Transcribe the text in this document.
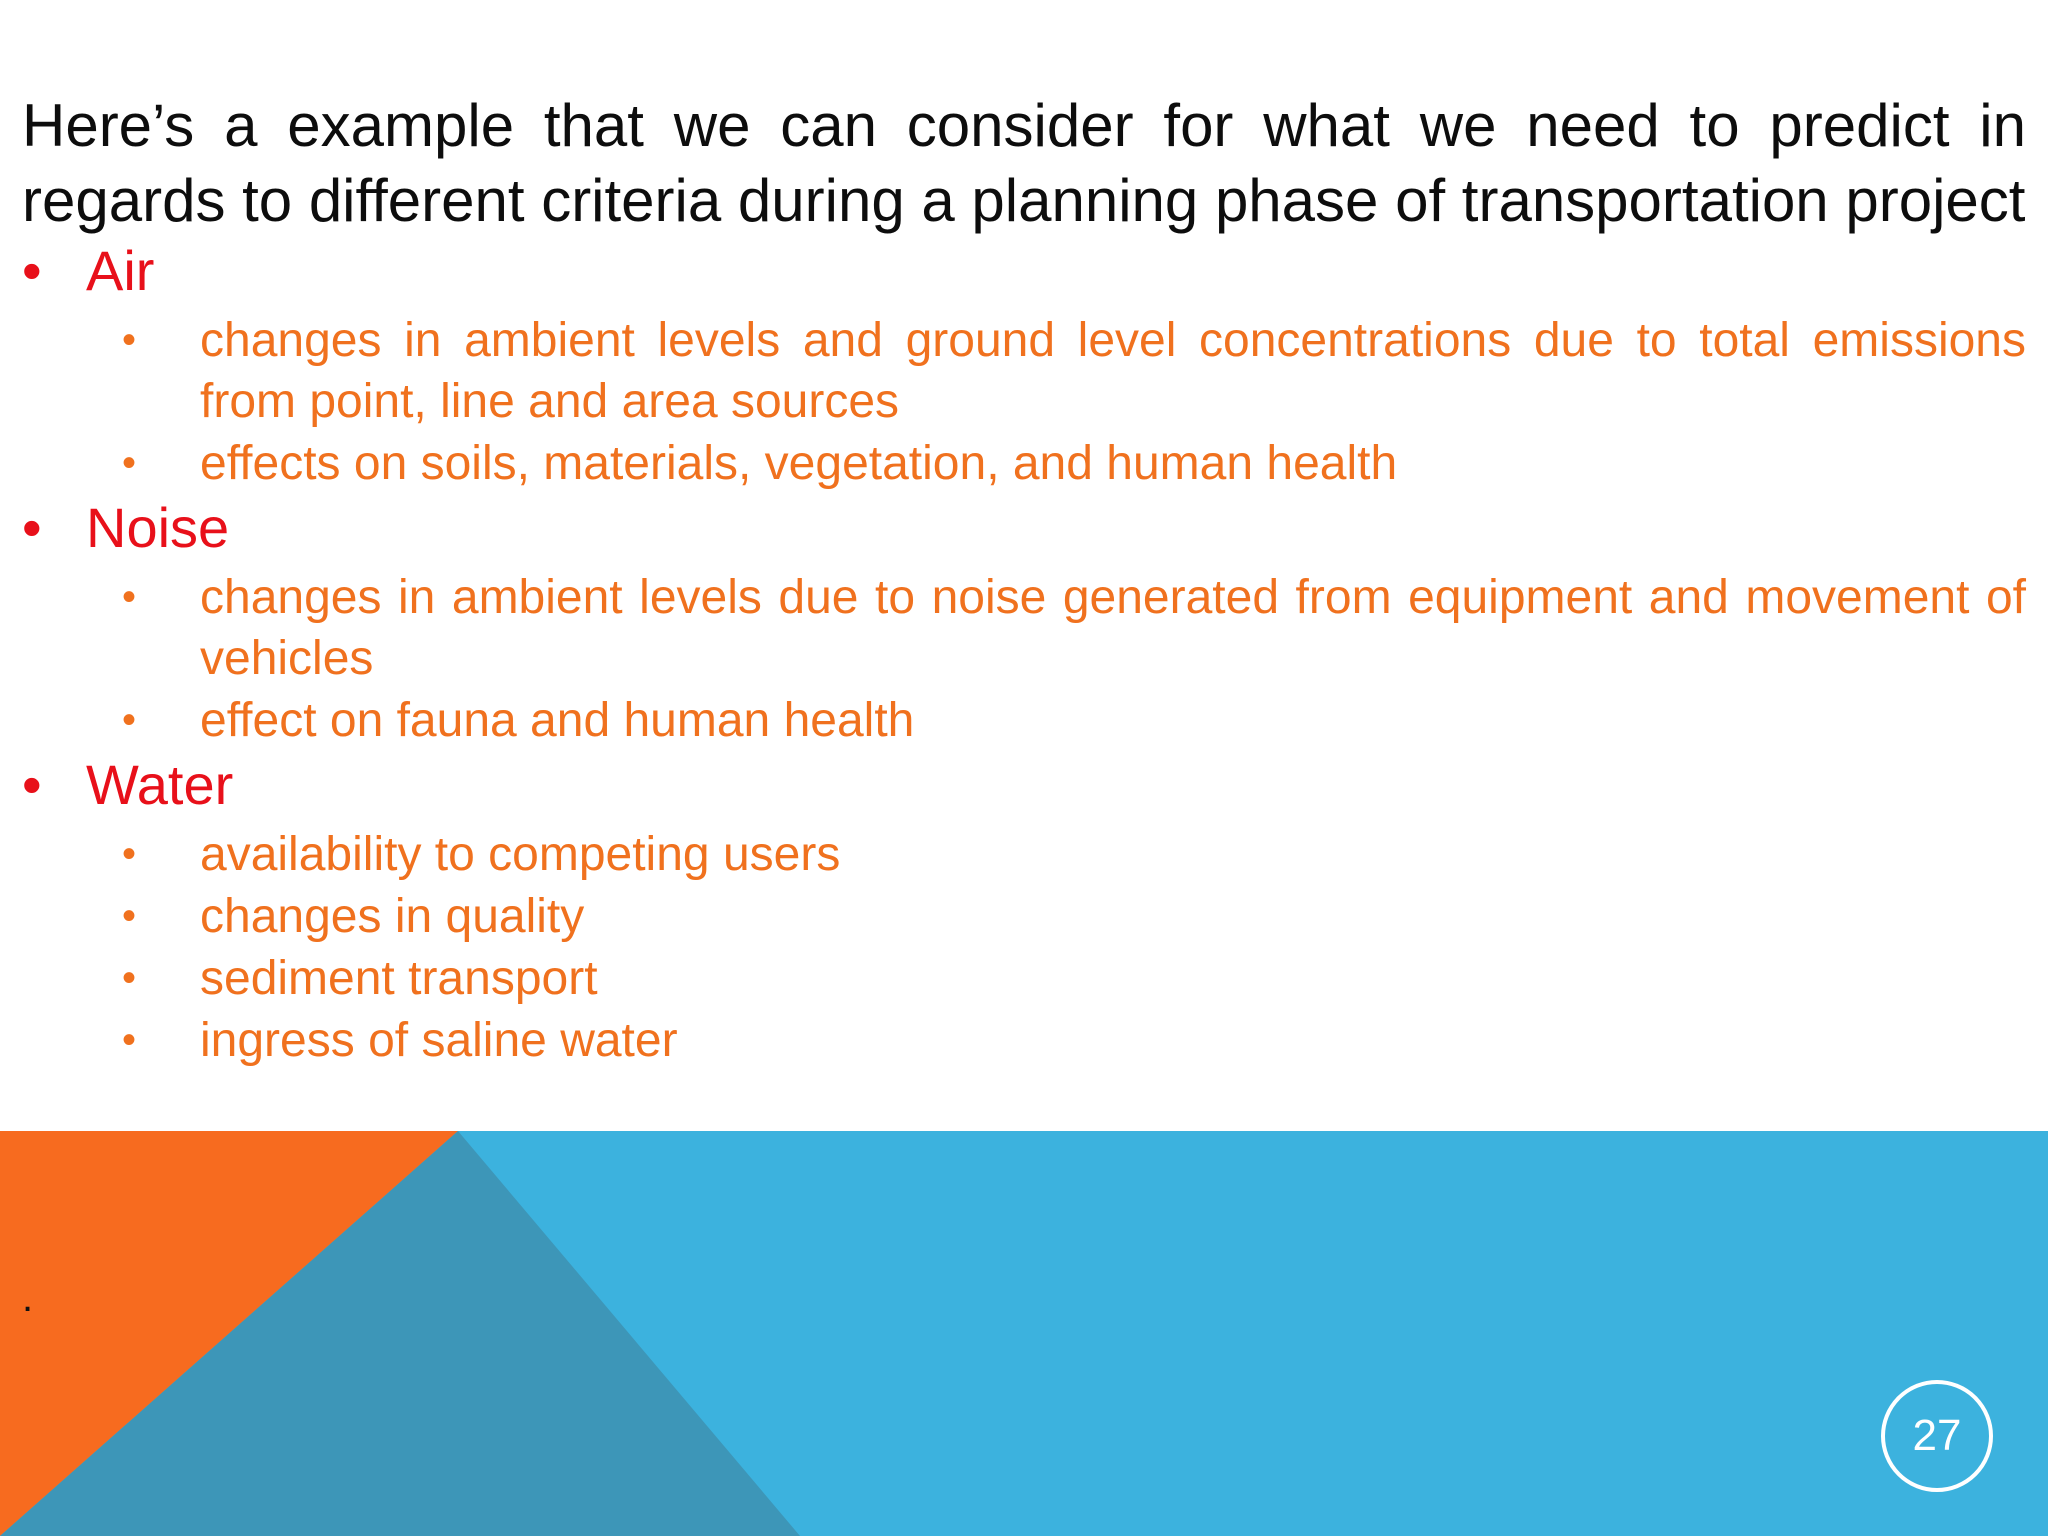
Here’s a example that we can consider for what we need to predict in regards to different criteria during a planning phase of transportation project

• Air
• changes in ambient levels and ground level concentrations due to total emissions from point, line and area sources
• effects on soils, materials, vegetation, and human health
• Noise
• changes in ambient levels due to noise generated from equipment and movement of vehicles
• effect on fauna and human health
• Water
• availability to competing users
• changes in quality
• sediment transport
• ingress of saline water
.
27
